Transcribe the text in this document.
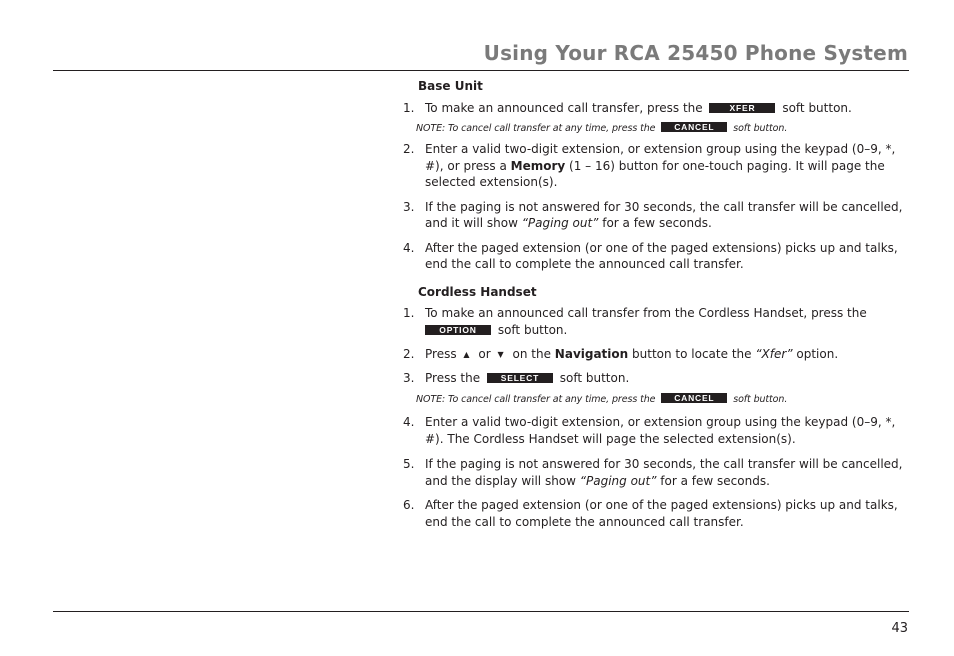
Using Your RCA 25450 Phone System
Base Unit
1. To make an announced call transfer, press the	XFER soft button.
NOTE: To cancel call transfer at any time, press the CANCEL soft button.
2. Enter a valid two-digit extension, or extension group using the keypad (0–9, *, #), or press a Memory (1 – 16) button for one-touch paging. It will page the selected extension(s).
3. If the paging is not answered for 30 seconds, the call transfer will be cancelled, and it will show “Paging out” for a few seconds.
4. After the paged extension (or one of the paged extensions) picks up and talks, end the call to complete the announced call transfer.
Cordless Handset
1. To make an announced call transfer from the Cordless Handset, press the OPTION soft button.
2. Press ▲ or ▼ on the Navigation button to locate the “Xfer” option.
3. Press the SELECT soft button.
NOTE: To cancel call transfer at any time, press the CANCEL soft button.
4. Enter a valid two-digit extension, or extension group using the keypad (0–9, *, #). The Cordless Handset will page the selected extension(s).
5. If the paging is not answered for 30 seconds, the call transfer will be cancelled, and the display will show “Paging out” for a few seconds.
6. After the paged extension (or one of the paged extensions) picks up and talks, end the call to complete the announced call transfer.
43
